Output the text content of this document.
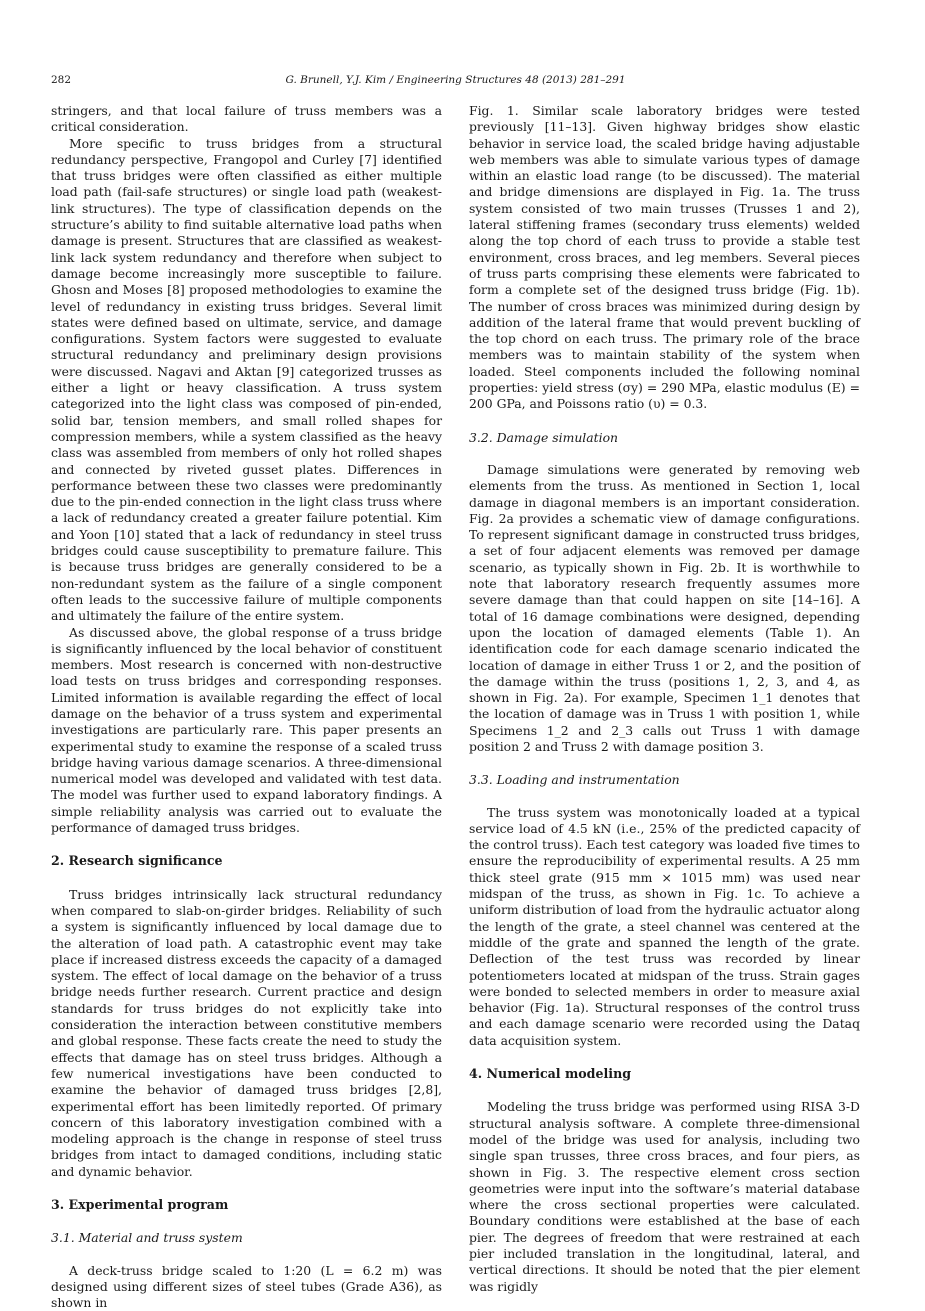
282	G. Brunell, Y.J. Kim / Engineering Structures 48 (2013) 281–291

stringers, and that local failure of truss members was a critical consideration.

More specific to truss bridges from a structural redundancy perspective, Frangopol and Curley [7] identified that truss bridges were often classified as either multiple load path (fail-safe structures) or single load path (weakest-link structures). The type of classification depends on the structure’s ability to find suitable alternative load paths when damage is present. Structures that are classified as weakest-link lack system redundancy and therefore when subject to damage become increasingly more susceptible to failure. Ghosn and Moses [8] proposed methodologies to examine the level of redundancy in existing truss bridges. Several limit states were defined based on ultimate, service, and damage configurations. System factors were suggested to evaluate structural redundancy and preliminary design provisions were discussed. Nagavi and Aktan [9] categorized trusses as either a light or heavy classification. A truss system categorized into the light class was composed of pin-ended, solid bar, tension members, and small rolled shapes for compression members, while a system classified as the heavy class was assembled from members of only hot rolled shapes and connected by riveted gusset plates. Differences in performance between these two classes were predominantly due to the pin-ended connection in the light class truss where a lack of redundancy created a greater failure potential. Kim and Yoon [10] stated that a lack of redundancy in steel truss bridges could cause susceptibility to premature failure. This is because truss bridges are generally considered to be a non-redundant system as the failure of a single component often leads to the successive failure of multiple components and ultimately the failure of the entire system.

As discussed above, the global response of a truss bridge is significantly influenced by the local behavior of constituent members. Most research is concerned with non-destructive load tests on truss bridges and corresponding responses. Limited information is available regarding the effect of local damage on the behavior of a truss system and experimental investigations are particularly rare. This paper presents an experimental study to examine the response of a scaled truss bridge having various damage scenarios. A three-dimensional numerical model was developed and validated with test data. The model was further used to expand laboratory findings. A simple reliability analysis was carried out to evaluate the performance of damaged truss bridges.

2. Research significance

Truss bridges intrinsically lack structural redundancy when compared to slab-on-girder bridges. Reliability of such a system is significantly influenced by local damage due to the alteration of load path. A catastrophic event may take place if increased distress exceeds the capacity of a damaged system. The effect of local damage on the behavior of a truss bridge needs further research. Current practice and design standards for truss bridges do not explicitly take into consideration the interaction between constitutive members and global response. These facts create the need to study the effects that damage has on steel truss bridges. Although a few numerical investigations have been conducted to examine the behavior of damaged truss bridges [2,8], experimental effort has been limitedly reported. Of primary concern of this laboratory investigation combined with a modeling approach is the change in response of steel truss bridges from intact to damaged conditions, including static and dynamic behavior.

3. Experimental program
3.1. Material and truss system

A deck-truss bridge scaled to 1:20 (L = 6.2 m) was designed using different sizes of steel tubes (Grade A36), as shown in

Fig. 1. Similar scale laboratory bridges were tested previously [11–13]. Given highway bridges show elastic behavior in service load, the scaled bridge having adjustable web members was able to simulate various types of damage within an elastic load range (to be discussed). The material and bridge dimensions are displayed in Fig. 1a. The truss system consisted of two main trusses (Trusses 1 and 2), lateral stiffening frames (secondary truss elements) welded along the top chord of each truss to provide a stable test environment, cross braces, and leg members. Several pieces of truss parts comprising these elements were fabricated to form a complete set of the designed truss bridge (Fig. 1b). The number of cross braces was minimized during design by addition of the lateral frame that would prevent buckling of the top chord on each truss. The primary role of the brace members was to maintain stability of the system when loaded. Steel components included the following nominal properties: yield stress (σy) = 290 MPa, elastic modulus (E) = 200 GPa, and Poissons ratio (υ) = 0.3.

3.2. Damage simulation

Damage simulations were generated by removing web elements from the truss. As mentioned in Section 1, local damage in diagonal members is an important consideration. Fig. 2a provides a schematic view of damage configurations. To represent significant damage in constructed truss bridges, a set of four adjacent elements was removed per damage scenario, as typically shown in Fig. 2b. It is worthwhile to note that laboratory research frequently assumes more severe damage than that could happen on site [14–16]. A total of 16 damage combinations were designed, depending upon the location of damaged elements (Table 1). An identification code for each damage scenario indicated the location of damage in either Truss 1 or 2, and the position of the damage within the truss (positions 1, 2, 3, and 4, as shown in Fig. 2a). For example, Specimen 1_1 denotes that the location of damage was in Truss 1 with position 1, while Specimens 1_2 and 2_3 calls out Truss 1 with damage position 2 and Truss 2 with damage position 3.

3.3. Loading and instrumentation

The truss system was monotonically loaded at a typical service load of 4.5 kN (i.e., 25% of the predicted capacity of the control truss). Each test category was loaded five times to ensure the reproducibility of experimental results. A 25 mm thick steel grate (915 mm × 1015 mm) was used near midspan of the truss, as shown in Fig. 1c. To achieve a uniform distribution of load from the hydraulic actuator along the length of the grate, a steel channel was centered at the middle of the grate and spanned the length of the grate. Deflection of the test truss was recorded by linear potentiometers located at midspan of the truss. Strain gages were bonded to selected members in order to measure axial behavior (Fig. 1a). Structural responses of the control truss and each damage scenario were recorded using the Dataq data acquisition system.

4. Numerical modeling

Modeling the truss bridge was performed using RISA 3-D structural analysis software. A complete three-dimensional model of the bridge was used for analysis, including two single span trusses, three cross braces, and four piers, as shown in Fig. 3. The respective element cross section geometries were input into the software’s material database where the cross sectional properties were calculated. Boundary conditions were established at the base of each pier. The degrees of freedom that were restrained at each pier included translation in the longitudinal, lateral, and vertical directions. It should be noted that the pier element was rigidly
